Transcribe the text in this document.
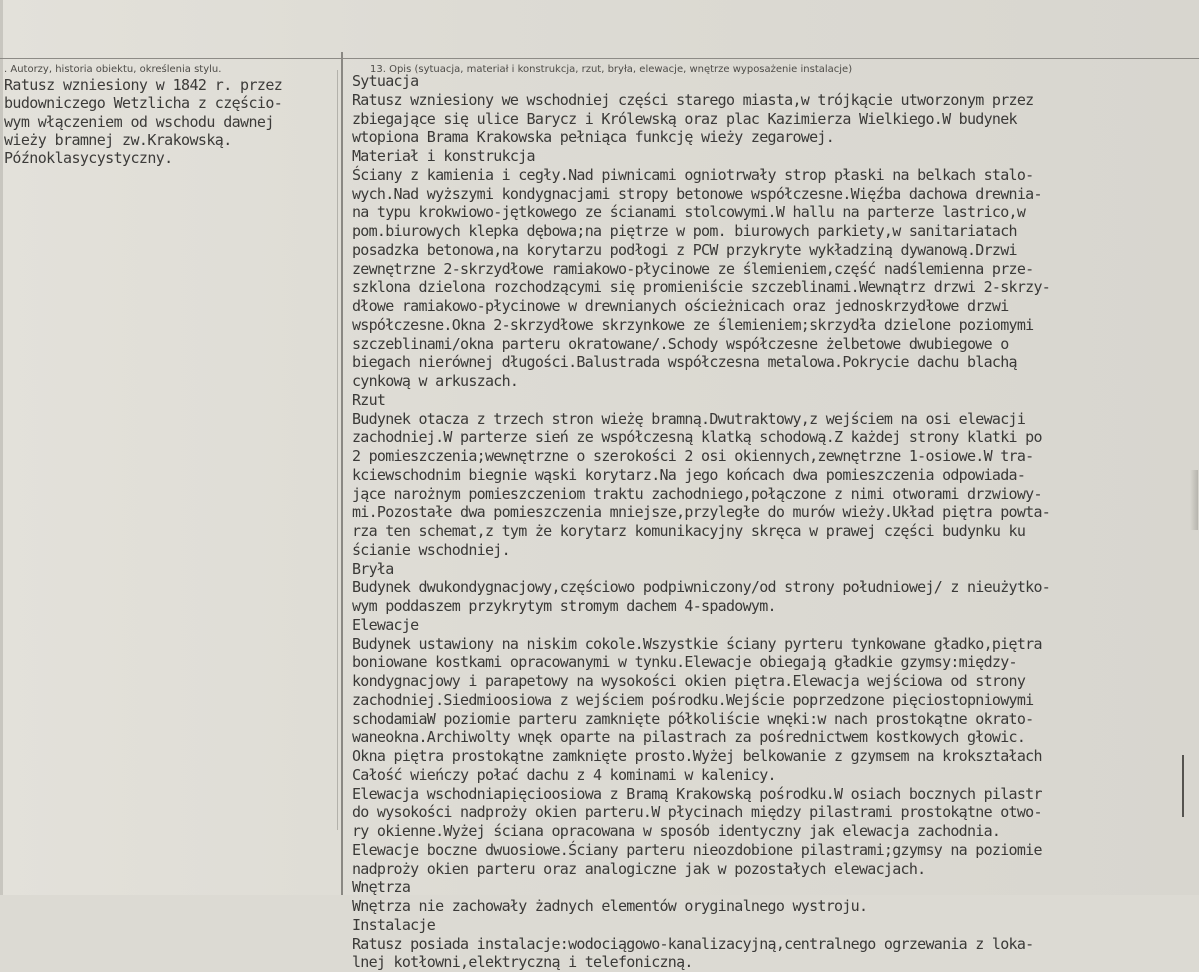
. Autorzy, historia obiektu, określenia stylu.
Ratusz wzniesiony w 1842 r. przez
budowniczego Wetzlicha z częścio-
wym włączeniem od wschodu dawnej
wieży bramnej zw.Krakowską.
Późnoklasycystyczny.
13. Opis (sytuacja, materiał i konstrukcja, rzut, bryła, elewacje, wnętrze wyposażenie instalacje)
Sytuacja
Ratusz wzniesiony we wschodniej części starego miasta,w trójkącie utworzonym przez
zbiegające się ulice Barycz i Królewską oraz plac Kazimierza Wielkiego.W budynek
wtopiona Brama Krakowska pełniąca funkcję wieży zegarowej.
Materiał i konstrukcja
Ściany z kamienia i cegły.Nad piwnicami ogniotrwały strop płaski na belkach stalo-
wych.Nad wyższymi kondygnacjami stropy betonowe współczesne.Więźba dachowa drewnia-
na typu krokwiowo-jętkowego ze ścianami stolcowymi.W hallu na parterze lastrico,w
pom.biurowych klepka dębowa;na piętrze w pom. biurowych parkiety,w sanitariatach
posadzka betonowa,na korytarzu podłogi z PCW przykryte wykładziną dywanową.Drzwi
zewnętrzne 2-skrzydłowe ramiakowo-płycinowe ze ślemieniem,część nadślemienna prze-
szklona dzielona rozchodzącymi się promieniście szczeblinami.Wewnątrz drzwi 2-skrzy-
dłowe ramiakowo-płycinowe w drewnianych ościeżnicach oraz jednoskrzydłowe drzwi
współczesne.Okna 2-skrzydłowe skrzynkowe ze ślemieniem;skrzydła dzielone poziomymi
szczeblinami/okna parteru okratowane/.Schody współczesne żelbetowe dwubiegowe o
biegach nierównej długości.Balustrada współczesna metalowa.Pokrycie dachu blachą
cynkową w arkuszach.
Rzut
Budynek otacza z trzech stron wieżę bramną.Dwutraktowy,z wejściem na osi elewacji
zachodniej.W parterze sień ze współczesną klatką schodową.Z każdej strony klatki po
2 pomieszczenia;wewnętrzne o szerokości 2 osi okiennych,zewnętrzne 1-osiowe.W tra-
kciewschodnim biegnie wąski korytarz.Na jego końcach dwa pomieszczenia odpowiada-
jące narożnym pomieszczeniom traktu zachodniego,połączone z nimi otworami drzwiowy-
mi.Pozostałe dwa pomieszczenia mniejsze,przyległe do murów wieży.Układ piętra powta-
rza ten schemat,z tym że korytarz komunikacyjny skręca w prawej części budynku ku
ścianie wschodniej.
Bryła
Budynek dwukondygnacjowy,częściowo podpiwniczony/od strony południowej/ z nieużytko-
wym poddaszem przykrytym stromym dachem 4-spadowym.
Elewacje
Budynek ustawiony na niskim cokole.Wszystkie ściany pyrteru tynkowane gładko,piętra
boniowane kostkami opracowanymi w tynku.Elewacje obiegają gładkie gzymsy:między-
kondygnacjowy i parapetowy na wysokości okien piętra.Elewacja wejściowa od strony
zachodniej.Siedmioosiowa z wejściem pośrodku.Wejście poprzedzone pięciostopniowymi
schodamiaW poziomie parteru zamknięte półkoliście wnęki:w nach prostokątne okrato-
waneokna.Archiwolty wnęk oparte na pilastrach za pośrednictwem kostkowych głowic.
Okna piętra prostokątne zamknięte prosto.Wyżej belkowanie z gzymsem na krokształach
Całość wieńczy połać dachu z 4 kominami w kalenicy.
Elewacja wschodniapięcioosiowa z Bramą Krakowską pośrodku.W osiach bocznych pilastr
do wysokości nadproży okien parteru.W płycinach między pilastrami prostokątne otwo-
ry okienne.Wyżej ściana opracowana w sposób identyczny jak elewacja zachodnia.
Elewacje boczne dwuosiowe.Ściany parteru nieozdobione pilastrami;gzymsy na poziomie
nadproży okien parteru oraz analogiczne jak w pozostałych elewacjach.
Wnętrza
Wnętrza nie zachowały żadnych elementów oryginalnego wystroju.
Instalacje
Ratusz posiada instalacje:wodociągowo-kanalizacyjną,centralnego ogrzewania z loka-
lnej kotłowni,elektryczną i telefoniczną.
